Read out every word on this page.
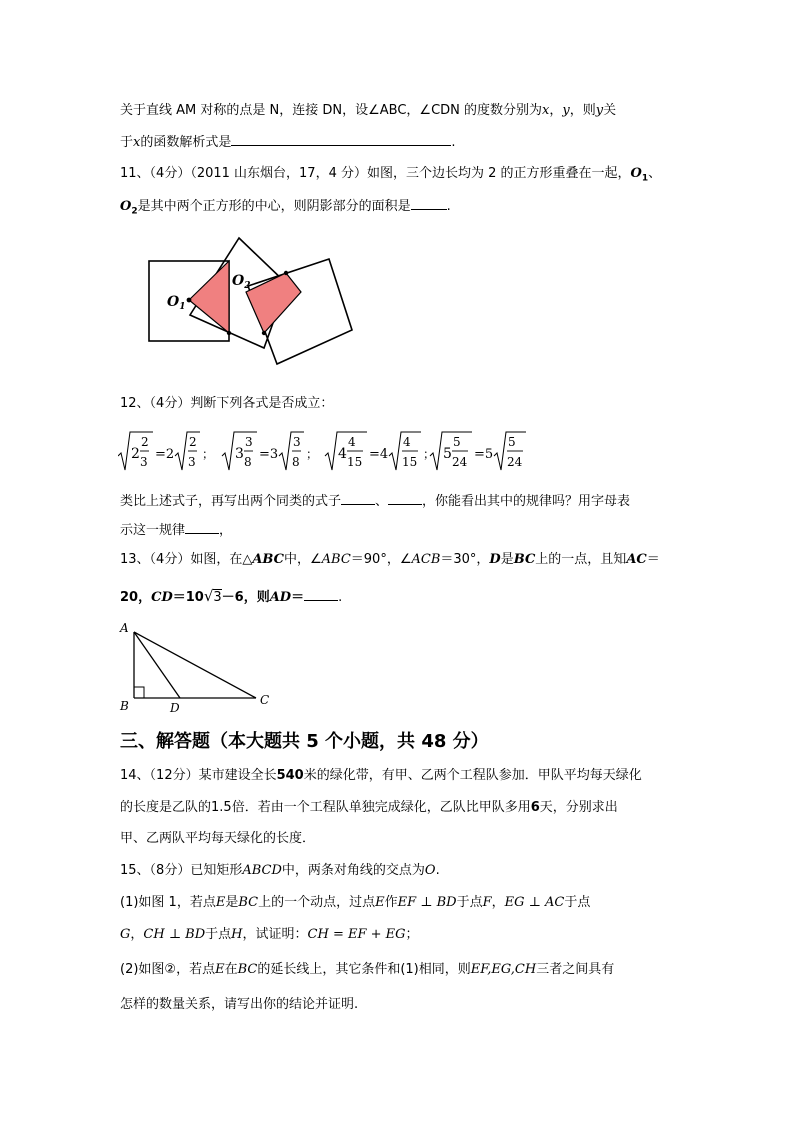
关于直线 AM 对称的点是 N，连接 DN，设∠ABC，∠CDN 的度数分别为x，y，则y关
于x的函数解析式是	.
11、（4分）（2011 山东烟台，17，4 分）如图，三个边长均为 2 的正方形重叠在一起，$O_1$、
$O_2$是其中两个正方形的中心，则阴影部分的面积是	.
$O_1$
$O_2$
12、（4分）判断下列各式是否成立：
2
2
3 =2
2
3
； 3
3
8 =3
3
8
； 4
4
15 =4
4
15
； 5
5
24 =5
5
24
类比上述式子，再写出两个同类的式子	、	，你能看出其中的规律吗？用字母表
示这一规律	，
13、（4分）如图，在△ABC中，∠ABC＝90°，∠ACB＝30°，D是BC上的一点，且知AC＝
20，CD＝10√3－6，则AD＝	.
A
B	C
D
三、解答题（本大题共 5 个小题，共 48 分）
14、（12分）某市建设全长540米的绿化带，有甲、乙两个工程队参加．甲队平均每天绿化
的长度是乙队的1.5倍．若由一个工程队单独完成绿化，乙队比甲队多用6天，分别求出
甲、乙两队平均每天绿化的长度．
15、（8分）已知矩形ABCD中，两条对角线的交点为O.
(1)如图 1，若点E是BC上的一个动点，过点E作EF ⊥ BD于点F，EG ⊥ AC于点
G，CH ⊥ BD于点H，试证明：CH = EF + EG；
(2)如图②，若点E在BC的延长线上，其它条件和(1)相同，则EF,EG,CH三者之间具有
怎样的数量关系，请写出你的结论并证明.
